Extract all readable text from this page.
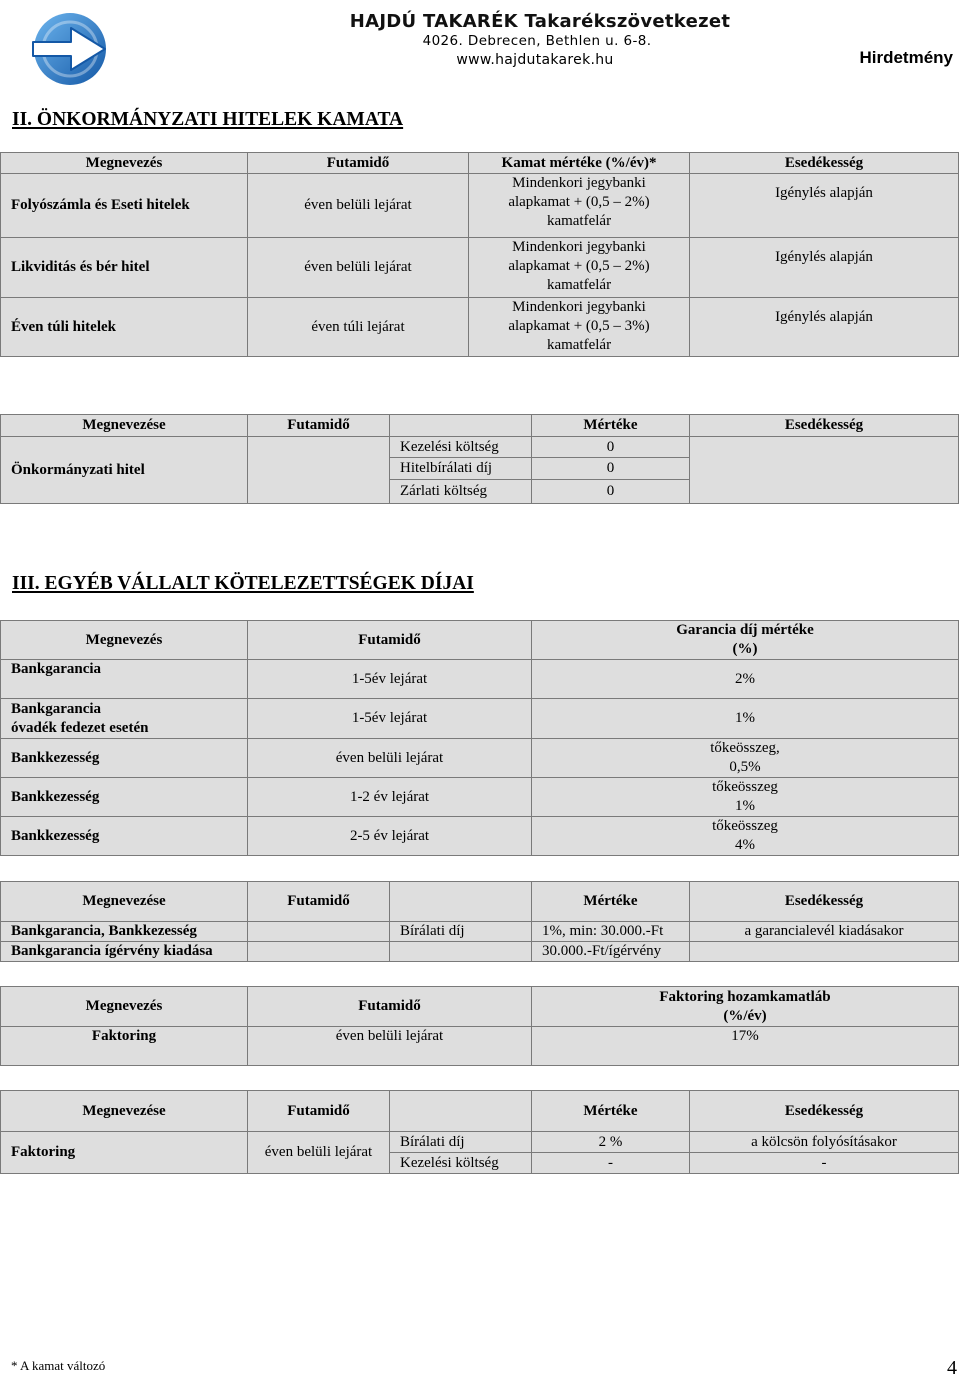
HAJDÚ TAKARÉK Takarékszövetkezet
4026. Debrecen, Bethlen u. 6-8.
www.hajdutakarek.hu	Hirdetmény
II. ÖNKORMÁNYZATI HITELEK KAMATA
Megnevezés	Futamidő	Kamat mértéke (%/év)*	Esedékesség
Folyószámla és Eseti hitelek	éven belüli lejárat	Mindenkori jegybanki
alapkamat + (0,5 – 2%)
kamatfelár	Igénylés alapján
Likviditás és bér hitel	éven belüli lejárat	Mindenkori jegybanki
alapkamat + (0,5 – 2%)
kamatfelár	Igénylés alapján
Éven túli hitelek	éven túli lejárat	Mindenkori jegybanki
alapkamat + (0,5 – 3%)
kamatfelár	Igénylés alapján
Megnevezése	Futamidő		Mértéke	Esedékesség
Önkormányzati hitel		Kezelési költség	0	
		Hitelbírálati díj	0	
		Zárlati költség	0	
III. EGYÉB VÁLLALT KÖTELEZETTSÉGEK DÍJAI
Megnevezés	Futamidő	Garancia díj mértéke
(%)

Bankgarancia	1-5év lejárat	2%

Bankgarancia
óvadék fedezet esetén	1-5év lejárat	1%
Bankkezesség	éven belüli lejárat	tőkeösszeg,
0,5%

Bankkezesség	1-2 év lejárat	tőkeösszeg
1%

Bankkezesség	2-5 év lejárat	tőkeösszeg
4%
Megnevezése	Futamidő		Mértéke	Esedékesség
Bankgarancia, Bankkezesség		Bírálati díj	1%, min: 30.000.-Ft	a garancialevél kiadásakor
Bankgarancia ígérvény kiadása			30.000.-Ft/ígérvény	
Megnevezés	Futamidő	Faktoring hozamkamatláb
(%/év)

Faktoring	éven belüli lejárat	17%
Megnevezése	Futamidő		Mértéke	Esedékesség
Faktoring	éven belüli lejárat	Bírálati díj	2 %	a kölcsön folyósításakor
		Kezelési költség	-	-
* A kamat változó	4
